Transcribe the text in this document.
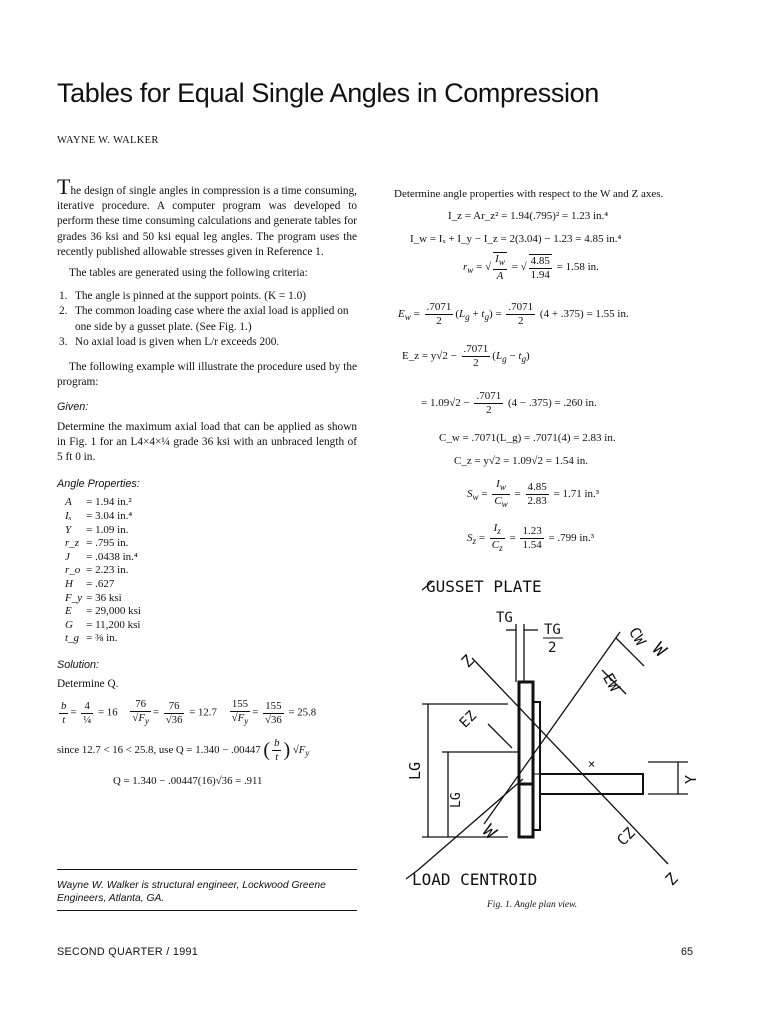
Tables for Equal Single Angles in Compression
WAYNE W. WALKER

The design of single angles in compression is a time consuming, iterative procedure. A computer program was developed to perform these time consuming calculations and generate tables for grades 36 ksi and 50 ksi equal leg angles. The program uses the recently published allowable stresses given in Reference 1.

The tables are generated using the following criteria:

1. The angle is pinned at the support points. (K = 1.0)
2. The common loading case where the axial load is applied on one side by a gusset plate. (See Fig. 1.)
3. No axial load is given when L/r exceeds 200.

The following example will illustrate the procedure used by the program:

Given:

Determine the maximum axial load that can be applied as shown in Fig. 1 for an L4×4×¼ grade 36 ksi with an unbraced length of 5 ft 0 in.

Angle Properties:
A	= 1.94 in.²
Iₓ	= 3.04 in.⁴
Y	= 1.09 in.
r_z	= .795 in.
J	= .0438 in.⁴
r_o	= 2.23 in.
H	= .627
F_y	= 36 ksi
E	= 29,000 ksi
G	= 11,200 ksi
t_g	= ⅜ in.
Solution:
Determine Q.
$\frac{b}{t} = \frac{4}{\text{¼}} = 16 \frac{76}{√F_y} = \frac{76}{√36} = 12.7 \frac{155}{√F_y} = \frac{155}{√36} = 25.8$
since 12.7 < 16 < 25.8, use Q = 1.340 − .00447 ( $\frac{b}{t}$ ) $√F_y$
Q = 1.340 − .00447(16)√36 = .911
Wayne W. Walker is structural engineer, Lockwood Greene Engineers, Atlanta, GA.
SECOND QUARTER / 1991	65
Determine angle properties with respect to the W and Z axes.
I_z = Ar_z² = 1.94(.795)² = 1.23 in.⁴
I_w = Iₓ + I_y − I_z = 2(3.04) − 1.23 = 4.85 in.⁴
$r_w$ = √ $\frac{I_w}{A}$ = √ $\frac{4.85}{1.94} = 1.58$ in.
$E_w = \frac{.7071}{2} (L_g + t_g) = \frac{.7071}{2} (4 + .375) = 1.55$ in.
E_z = $y√2 - \frac{.7071}{2} (L_g - t_g)$
= $1.09√2 - \frac{.7071}{2} (4 - .375) = .260$ in.
C_w = .7071(L_g) = .7071(4) = 2.83 in.
C_z = y√2 = 1.09√2 = 1.54 in.
$S_w = \frac{I_w}{C_w} = \frac{4.85}{2.83} = 1.71$ in.³
$S_z = \frac{I_z}{C_z} = \frac{1.23}{1.54} = .799$ in.³
×
GUSSET PLATE
TG
TG
2
LG
LG
CW
EW
EZ
CZ
Y
W
W
Z
Z
LOAD CENTROID
Fig. 1. Angle plan view.
